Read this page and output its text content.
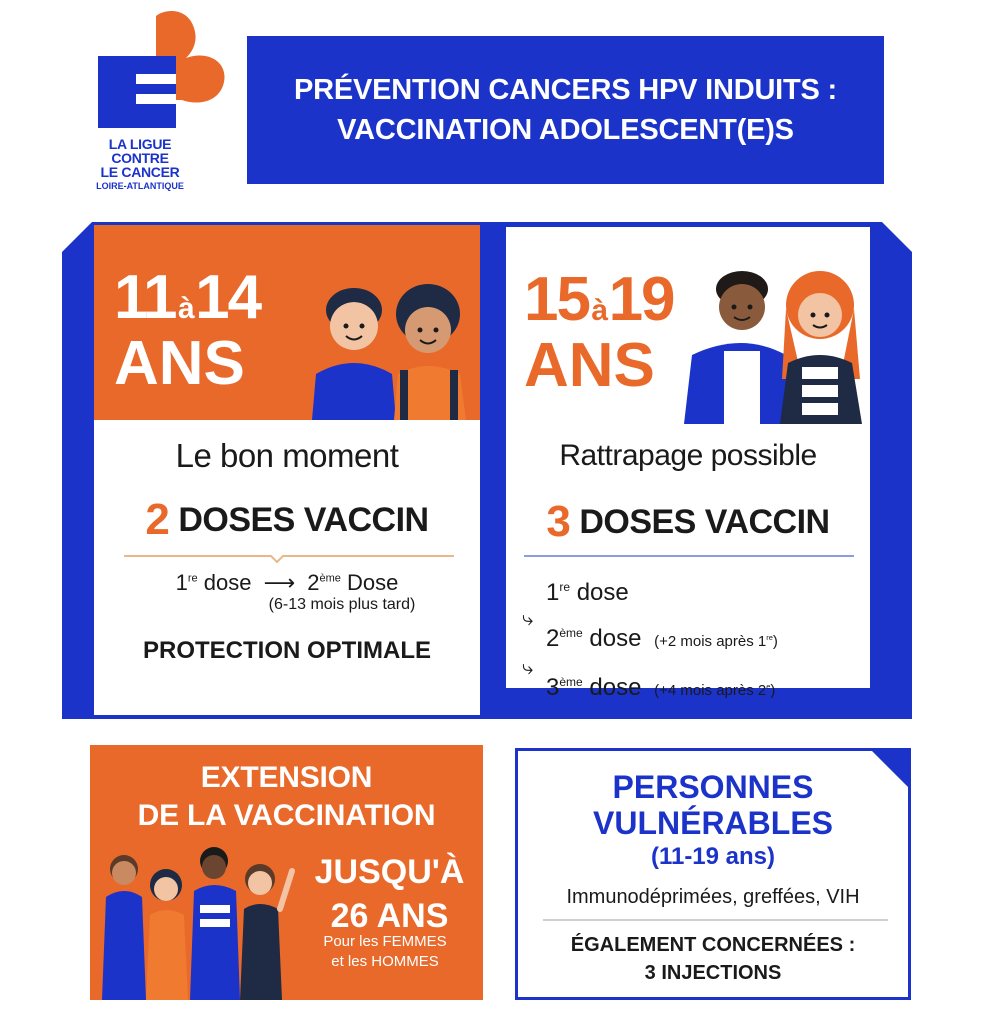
LA LIGUE
CONTRE
LE CANCER
LOIRE-ATLANTIQUE
PRÉVENTION CANCERS HPV INDUITS :
VACCINATION ADOLESCENT(E)S
11 à 14
ANS
Le bon moment
2 DOSES VACCIN
1re dose ⟶ 2ème Dose
(6-13 mois plus tard)
PROTECTION OPTIMALE
15 à 19
ANS
Rattrapage possible
3 DOSES VACCIN
1re dose
⤷
2ème dose (+2 mois après 1re)
⤷
3ème dose (+4 mois après 2e)
EXTENSION
DE LA VACCINATION
JUSQU'À
26 ANS
Pour les FEMMES
et les HOMMES
PERSONNES
VULNÉRABLES
(11-19 ans)
Immunodéprimées, greffées, VIH
ÉGALEMENT CONCERNÉES :
3 INJECTIONS
